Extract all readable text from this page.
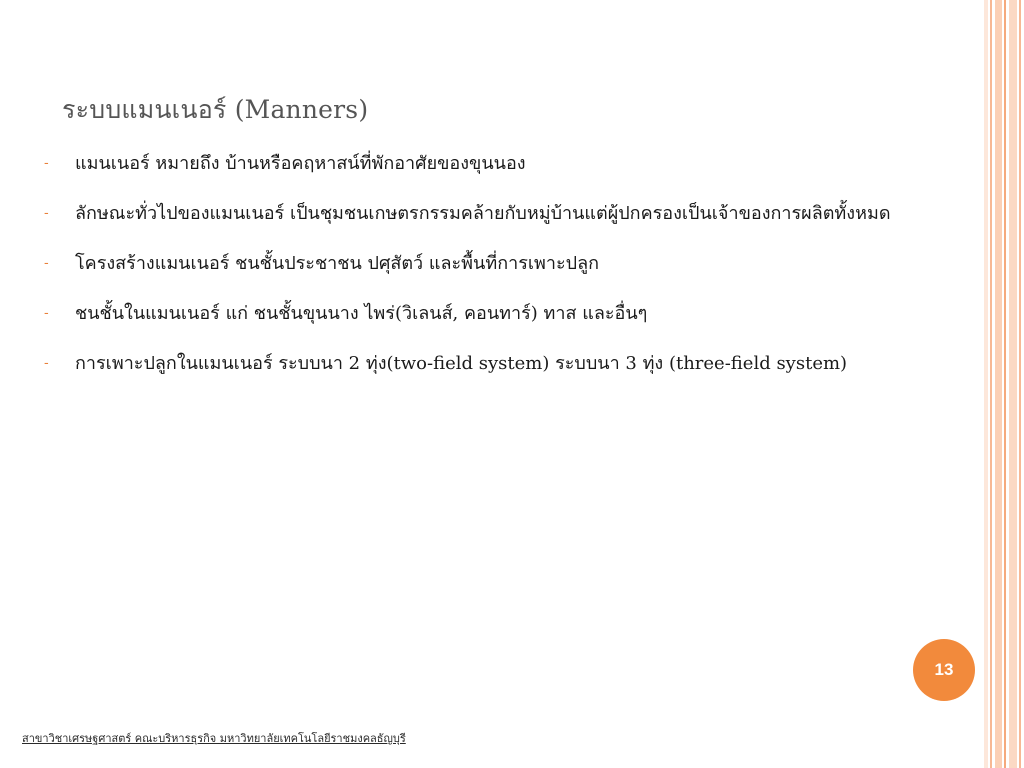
ระบบแมนเนอร์ (Manners)
- แมนเนอร์ หมายถึง บ้านหรือคฤหาสน์ที่พักอาศัยของขุนนอง
- ลักษณะทั่วไปของแมนเนอร์ เป็นชุมชนเกษตรกรรมคล้ายกับหมู่บ้านแต่ผู้ปกครองเป็นเจ้าของการผลิตทั้งหมด
- โครงสร้างแมนเนอร์ ชนชั้นประชาชน ปศุสัตว์ และพื้นที่การเพาะปลูก
- ชนชั้นในแมนเนอร์ แก่ ชนชั้นขุนนาง ไพร่(วิเลนส์, คอนทาร์) ทาส และอื่นๆ
- การเพาะปลูกในแมนเนอร์ ระบบนา 2 ทุ่ง(two-field system) ระบบนา 3 ทุ่ง (three-field system)
13
สาขาวิชาเศรษฐศาสตร์ คณะบริหารธุรกิจ มหาวิทยาลัยเทคโนโลยีราชมงคลธัญบุรี
